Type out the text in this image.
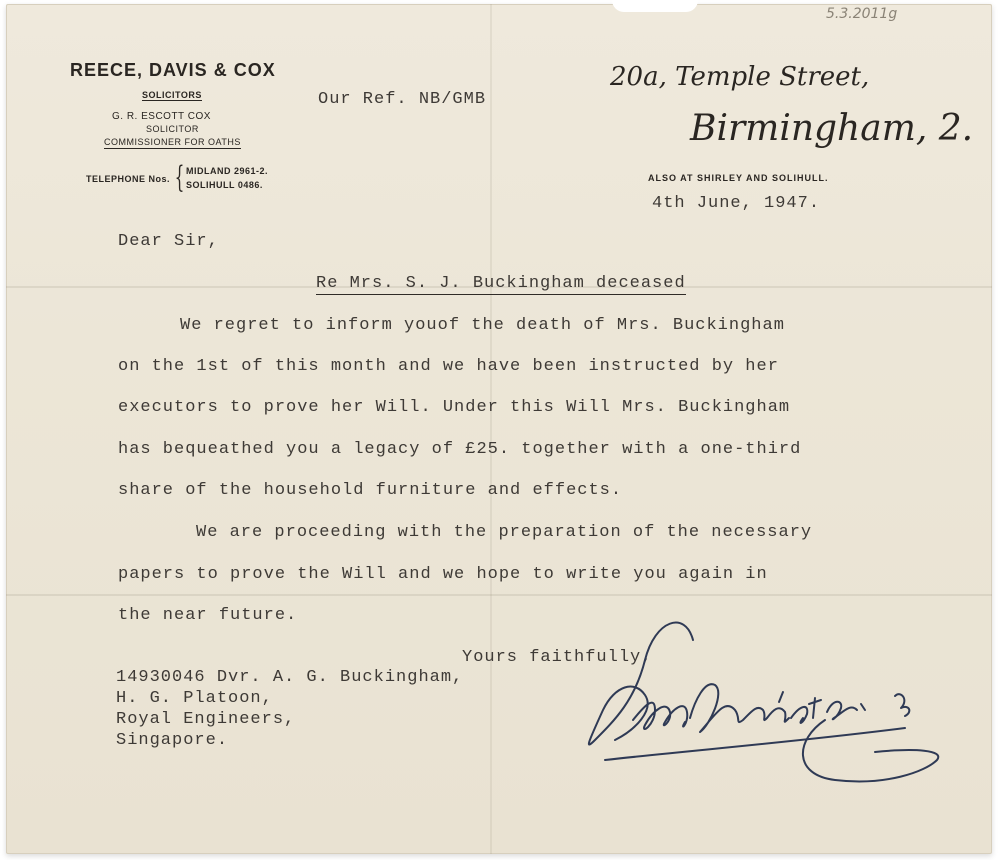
5.3.2011g
REECE, DAVIS & COX
SOLICITORS
G. R. ESCOTT COX
SOLICITOR
COMMISSIONER FOR OATHS
TELEPHONE Nos. { MIDLAND 2961-2.
SOLIHULL 0486.
Our Ref. NB/GMB
20a, Temple Street,
Birmingham, 2.
ALSO AT SHIRLEY AND SOLIHULL.
4th June, 1947.
Dear Sir,
Re Mrs. S. J. Buckingham deceased
We regret to inform youof the death of Mrs. Buckingham
on the 1st of this month and we have been instructed by her
executors to prove her Will. Under this Will Mrs. Buckingham
has bequeathed you a legacy of £25. together with a one-third
share of the household furniture and effects.
We are proceeding with the preparation of the necessary
papers to prove the Will and we hope to write you again in
the near future.
Yours faithfully,
14930046 Dvr. A. G. Buckingham,
H. G. Platoon,
Royal Engineers,
Singapore.
